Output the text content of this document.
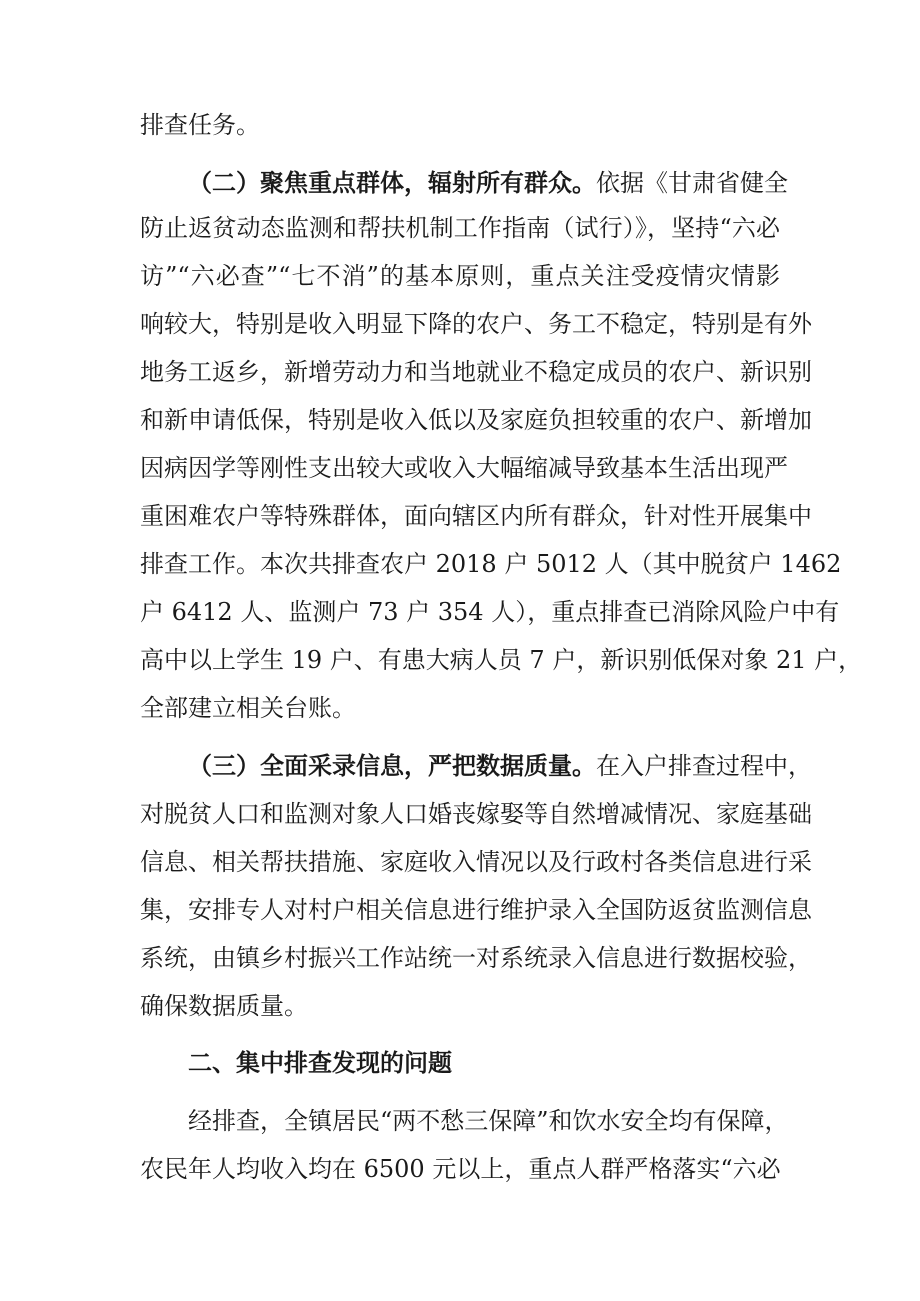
排查任务。
（二）聚焦重点群体，辐射所有群众。依据《甘肃省健全
防止返贫动态监测和帮扶机制工作指南（试行）》，坚持“六必
访”“六必查”“七不消”的基本原则，重点关注受疫情灾情影
响较大，特别是收入明显下降的农户、务工不稳定，特别是有外
地务工返乡，新增劳动力和当地就业不稳定成员的农户、新识别
和新申请低保，特别是收入低以及家庭负担较重的农户、新增加
因病因学等刚性支出较大或收入大幅缩减导致基本生活出现严
重困难农户等特殊群体，面向辖区内所有群众，针对性开展集中
排查工作。本次共排查农户 2018 户 5012 人（其中脱贫户 1462
户 6412 人、监测户 73 户 354 人），重点排查已消除风险户中有
高中以上学生 19 户、有患大病人员 7 户，新识别低保对象 21 户，
全部建立相关台账。
（三）全面采录信息，严把数据质量。在入户排查过程中，
对脱贫人口和监测对象人口婚丧嫁娶等自然增减情况、家庭基础
信息、相关帮扶措施、家庭收入情况以及行政村各类信息进行采
集，安排专人对村户相关信息进行维护录入全国防返贫监测信息
系统，由镇乡村振兴工作站统一对系统录入信息进行数据校验，
确保数据质量。
二、集中排查发现的问题
经排查，全镇居民“两不愁三保障”和饮水安全均有保障，
农民年人均收入均在 6500 元以上，重点人群严格落实“六必
